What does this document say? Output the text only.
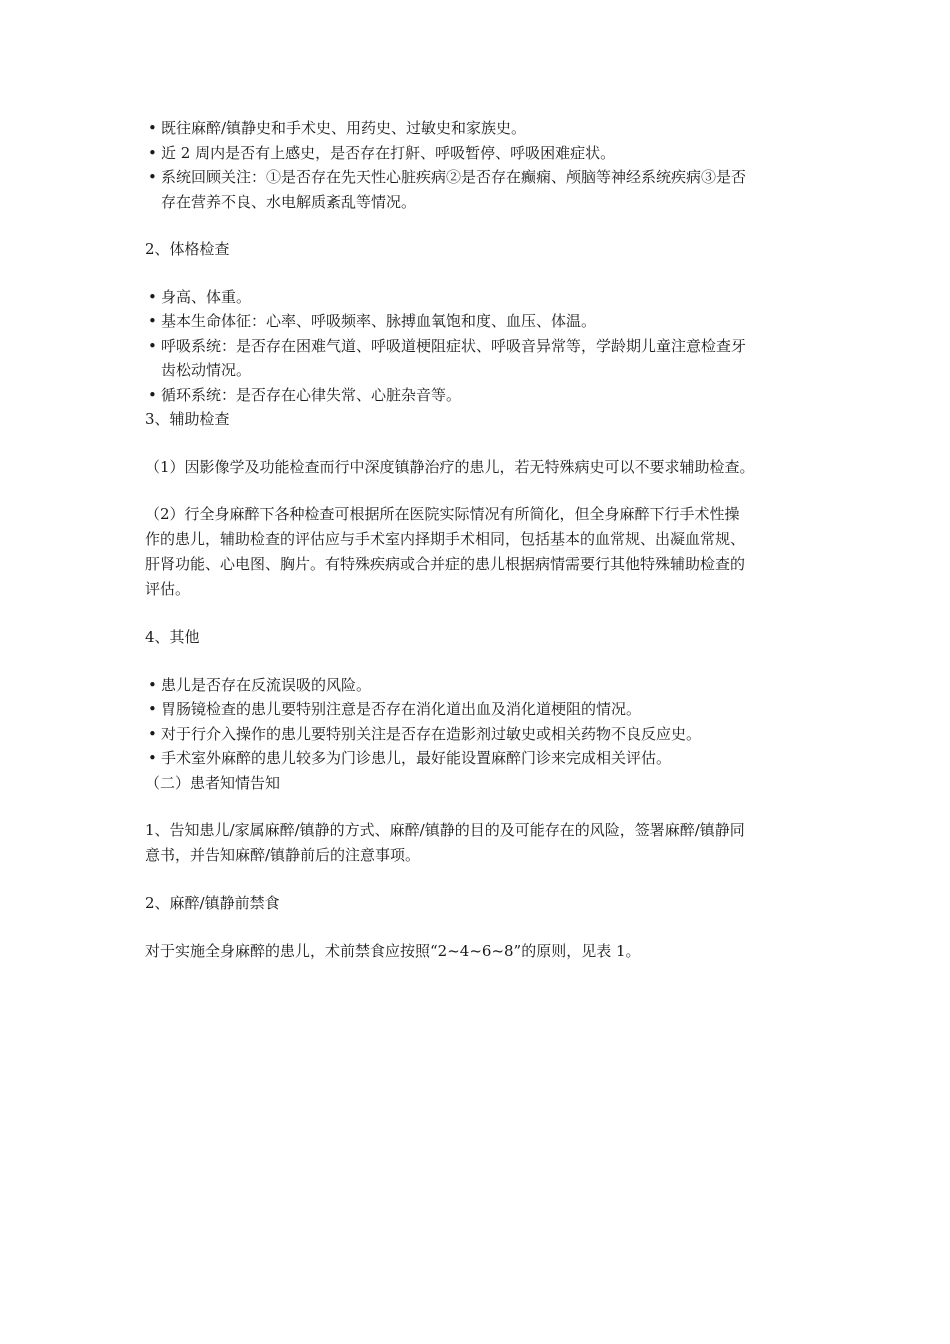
• 既往麻醉/镇静史和手术史、用药史、过敏史和家族史。
• 近 2 周内是否有上感史，是否存在打鼾、呼吸暂停、呼吸困难症状。
• 系统回顾关注：①是否存在先天性心脏疾病②是否存在癫痫、颅脑等神经系统疾病③是否
存在营养不良、水电解质紊乱等情况。
2、体格检查
• 身高、体重。
• 基本生命体征：心率、呼吸频率、脉搏血氧饱和度、血压、体温。
• 呼吸系统：是否存在困难气道、呼吸道梗阻症状、呼吸音异常等，学龄期儿童注意检查牙
齿松动情况。
• 循环系统：是否存在心律失常、心脏杂音等。
3、辅助检查
（1）因影像学及功能检查而行中深度镇静治疗的患儿，若无特殊病史可以不要求辅助检查。
（2）行全身麻醉下各种检查可根据所在医院实际情况有所简化，但全身麻醉下行手术性操
作的患儿，辅助检查的评估应与手术室内择期手术相同，包括基本的血常规、出凝血常规、
肝肾功能、心电图、胸片。有特殊疾病或合并症的患儿根据病情需要行其他特殊辅助检查的
评估。
4、其他
• 患儿是否存在反流误吸的风险。
• 胃肠镜检查的患儿要特别注意是否存在消化道出血及消化道梗阻的情况。
• 对于行介入操作的患儿要特别关注是否存在造影剂过敏史或相关药物不良反应史。
• 手术室外麻醉的患儿较多为门诊患儿，最好能设置麻醉门诊来完成相关评估。
（二）患者知情告知
1、告知患儿/家属麻醉/镇静的方式、麻醉/镇静的目的及可能存在的风险，签署麻醉/镇静同
意书，并告知麻醉/镇静前后的注意事项。
2、麻醉/镇静前禁食
对于实施全身麻醉的患儿，术前禁食应按照“2~4~6~8”的原则，见表 1。
